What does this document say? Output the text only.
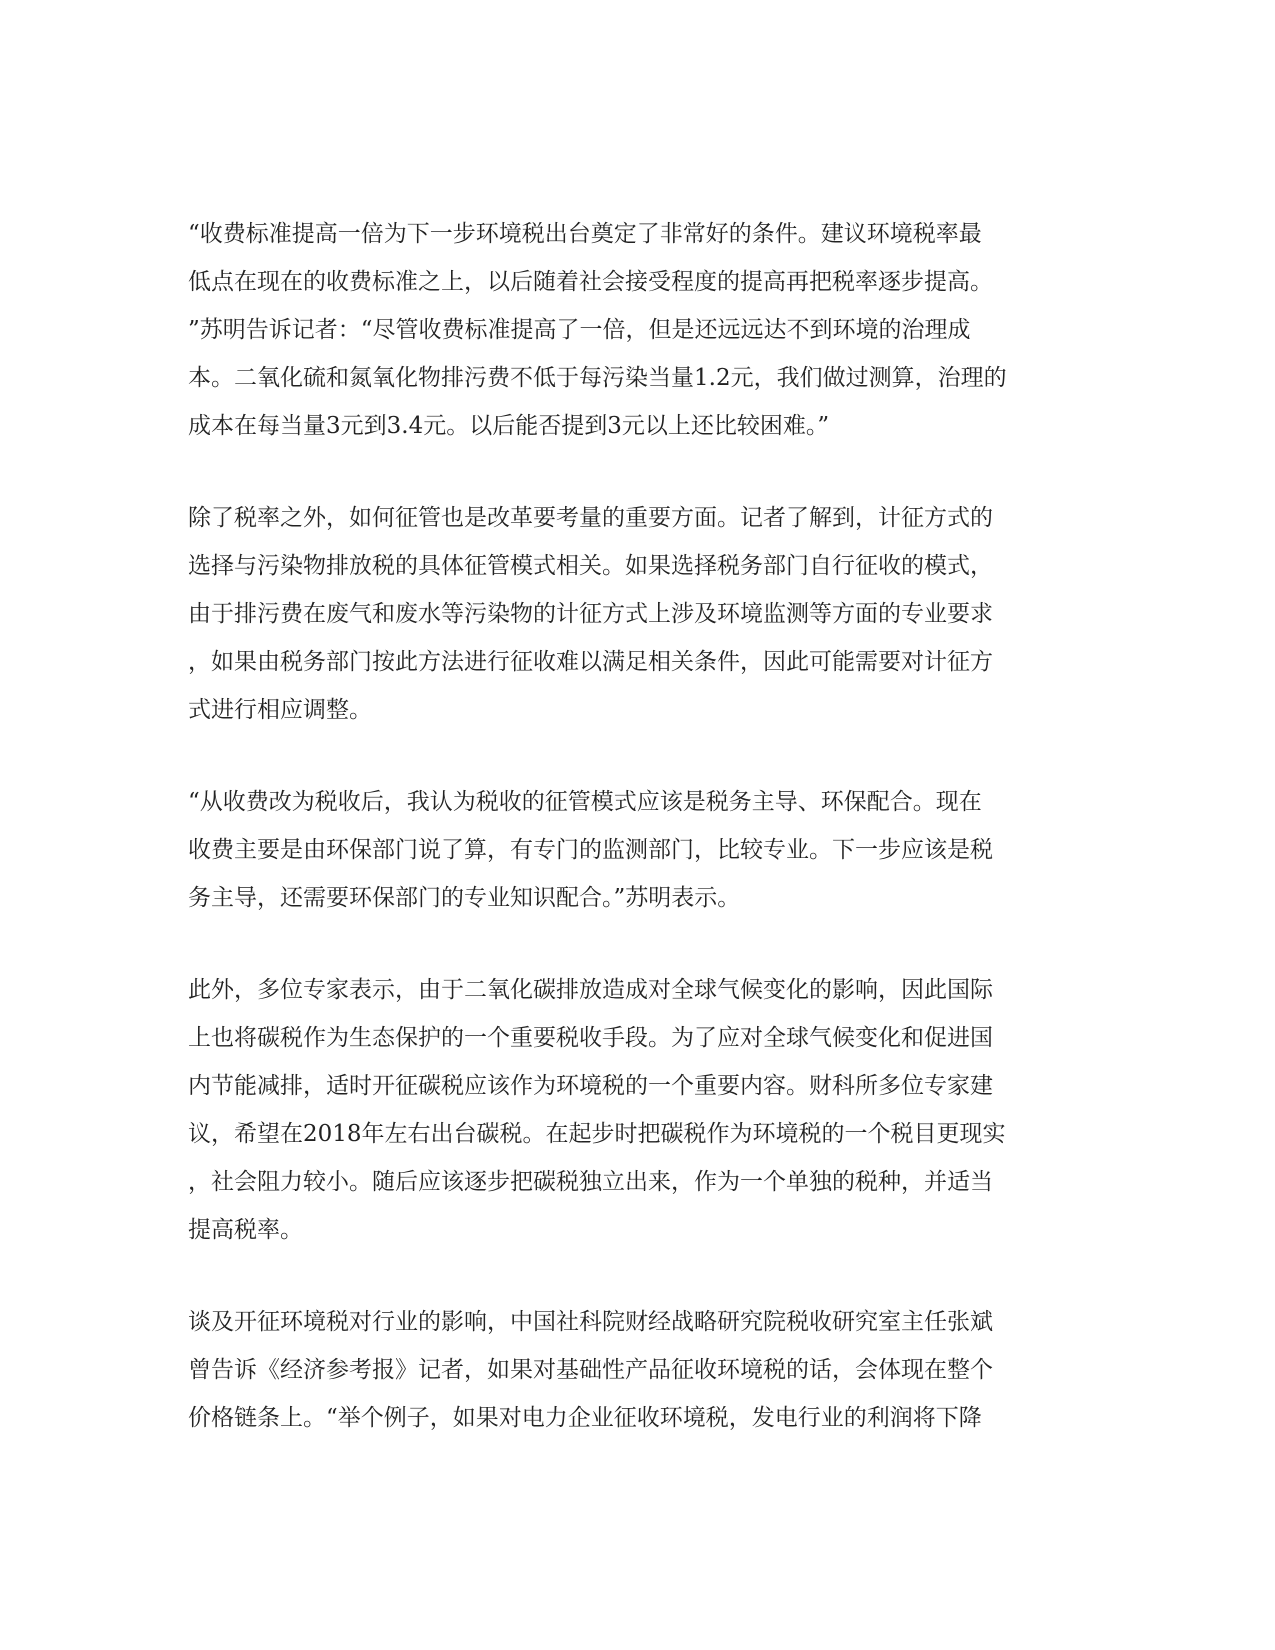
“收费标准提高一倍为下一步环境税出台奠定了非常好的条件。建议环境税率最
低点在现在的收费标准之上，以后随着社会接受程度的提高再把税率逐步提高。
”苏明告诉记者：“尽管收费标准提高了一倍，但是还远远达不到环境的治理成
本。二氧化硫和氮氧化物排污费不低于每污染当量1.2元，我们做过测算，治理的
成本在每当量3元到3.4元。以后能否提到3元以上还比较困难。”

除了税率之外，如何征管也是改革要考量的重要方面。记者了解到，计征方式的
选择与污染物排放税的具体征管模式相关。如果选择税务部门自行征收的模式，
由于排污费在废气和废水等污染物的计征方式上涉及环境监测等方面的专业要求
，如果由税务部门按此方法进行征收难以满足相关条件，因此可能需要对计征方
式进行相应调整。

“从收费改为税收后，我认为税收的征管模式应该是税务主导、环保配合。现在
收费主要是由环保部门说了算，有专门的监测部门，比较专业。下一步应该是税
务主导，还需要环保部门的专业知识配合。”苏明表示。

此外，多位专家表示，由于二氧化碳排放造成对全球气候变化的影响，因此国际
上也将碳税作为生态保护的一个重要税收手段。为了应对全球气候变化和促进国
内节能减排，适时开征碳税应该作为环境税的一个重要内容。财科所多位专家建
议，希望在2018年左右出台碳税。在起步时把碳税作为环境税的一个税目更现实
，社会阻力较小。随后应该逐步把碳税独立出来，作为一个单独的税种，并适当
提高税率。

谈及开征环境税对行业的影响，中国社科院财经战略研究院税收研究室主任张斌
曾告诉《经济参考报》记者，如果对基础性产品征收环境税的话，会体现在整个
价格链条上。“举个例子，如果对电力企业征收环境税，发电行业的利润将下降
